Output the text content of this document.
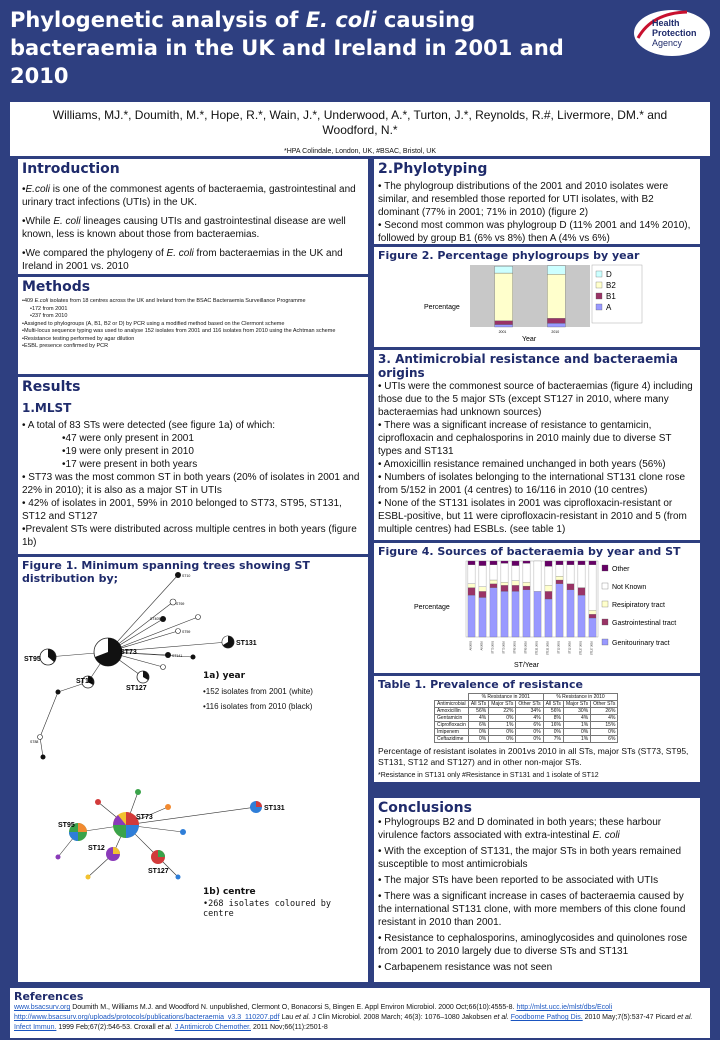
Phylogenetic analysis of E. coli causing bacteraemia in the UK and Ireland in 2001 and 2010
Health
Protection
Agency
Williams, MJ.*, Doumith, M.*, Hope, R.*, Wain, J.*, Underwood, A.*, Turton, J.*, Reynolds, R.#, Livermore, DM.* and
Woodford, N.*
*HPA Colindale, London, UK, #BSAC, Bristol, UK
Introduction
•E.coli is one of the commonest agents of bacteraemia, gastrointestinal and urinary tract infections (UTIs) in the UK.
•While E. coli lineages causing UTIs and gastrointestinal disease are well known, less is known about those from bacteraemias.
•We compared the phylogeny of E. coli from bacteraemias in the UK and Ireland in 2001 vs. 2010
Methods
•409 E.coli isolates from 18 centres across the UK and Ireland from the BSAC Bacteraemia Surveillance Programme
•172 from 2001
•237 from 2010
•Assigned to phylogroups (A, B1, B2 or D) by PCR using a modified method based on the Clermont scheme
•Multi-locus sequence typing was used to analyse 152 isolates from 2001 and 116 isolates from 2010 using the Achtman scheme
•Resistance testing performed by agar dilution
•ESBL presence confirmed by PCR
Results
1.MLST
• A total of 83 STs were detected (see figure 1a) of which:
•47 were only present in 2001
•19 were only present in 2010
•17 were present in both years
• ST73 was the most common ST in both years (20% of isolates in 2001 and 22% in 2010); it is also as a major ST in UTIs
• 42% of isolates in 2001, 59% in 2010 belonged to ST73, ST95, ST131, ST12 and ST127
•Prevalent STs were distributed across multiple centres in both years (figure 1b)
Figure 1. Minimum spanning trees showing ST distribution by;
ST131
ST73
ST95
ST12
ST127
ST10
ST69
ST405
ST59
ST141
ST88
ST131
ST73
ST95
ST12
ST127
1a) year
•152 isolates from 2001 (white)
•116 isolates from 2010 (black)
1b) centre
•268 isolates coloured by centre
2.Phylotyping
• The phylogroup distributions of the 2001 and 2010 isolates were similar, and resembled those reported for UTI isolates, with B2 dominant (77% in 2001; 71% in 2010) (figure 2)
• Second most common was phylogroup D (11% 2001 and 14% 2010), followed by group B1 (6% vs 8%) then A (4% vs 6%)
Figure 2. Percentage phylogroups by year
2001	2010
Percentage
Year
D
B2
B1
A
3. Antimicrobial resistance and bacteraemia origins
• UTIs were the commonest source of bacteraemias (figure 4) including those due to the 5 major STs (except ST127 in 2010, where many bacteraemias had unknown sources)
• There was a significant increase of resistance to gentamicin, ciprofloxacin and cephalosporins in 2010 mainly due to diverse ST types and ST131
• Amoxicillin resistance remained unchanged in both years (56%)
• Numbers of isolates belonging to the international ST131 clone rose from 5/152 in 2001 (4 centres) to 16/116 in 2010 (10 centres)
• None of the ST131 isolates in 2001 was ciprofloxacin-resistant or ESBL-positive, but 11 were ciprofloxacin-resistant in 2010 and 5 (from multiple centres) had ESBLs. (see table 1)
Figure 4. Sources of bacteraemia by year and ST
All 2001	All 2010	ST73 2001	ST73 2010	ST95 2001	ST95 2010	ST131 2001	ST131 2010	ST12 2001	ST12 2010	ST127 2001	ST127 2010
Percentage
ST/Year
Other
Not Known
Resipiratory tract
Gastrointestinal tract
Genitourinary tract
Table 1. Prevalence of resistance
	% Resistance in 2001			% Resistance in 2010		
Antimicrobial	All STs	Major STs	Other STs	All STs	Major STs	Other STs
Amoxicillin	56%	22%	34%	56%	30%	26%
Gentamicin	4%	0%	4%	8%	4%	4%
Ciprofloxacin	6%	1%	6%	16%	1%	15%
Imipenem	0%	0%	0%	0%	0%	0%
Ceftazidime	0%	0%	0%	7%	1%	6%
Percentage of resistant isolates in 2001vs 2010 in all STs, major STs (ST73, ST95, ST131, ST12 and ST127) and in other non-major STs.
*Resistance in ST131 only #Resistance in ST131 and 1 isolate of ST12
Conclusions
• Phylogroups B2 and D dominated in both years; these harbour virulence factors associated with extra-intestinal E. coli
• With the exception of ST131, the major STs in both years remained susceptible to most antimicrobials
• The major STs have been reported to be associated with UTIs
• There was a significant increase in cases of bacteraemia caused by the international ST131 clone, with more members of this clone found resistant in 2010 than 2001.
• Resistance to cephalosporins, aminoglycosides and quinolones rose from 2001 to 2010 largely due to diverse STs and ST131
• Carbapenem resistance was not seen
References
www.bsacsurv.org Doumith M., Williams M.J. and Woodford N. unpublished, Clermont O, Bonacorsi S, Bingen E. Appl Environ Microbiol. 2000 Oct;66(10):4555-8. http://mlst.ucc.ie/mlst/dbs/Ecoli http://www.bsacsurv.org/uploads/protocols/publications/bacteraemia_v3.3_110207.pdf Lau et al. J Clin Microbiol. 2008 March; 46(3): 1076–1080 Jakobsen et al. Foodborne Pathog Dis. 2010 May;7(5):537-47 Picard et al. Infect Immun. 1999 Feb;67(2):546-53. Croxall et al. J Antimicrob Chemother. 2011 Nov;66(11):2501-8
